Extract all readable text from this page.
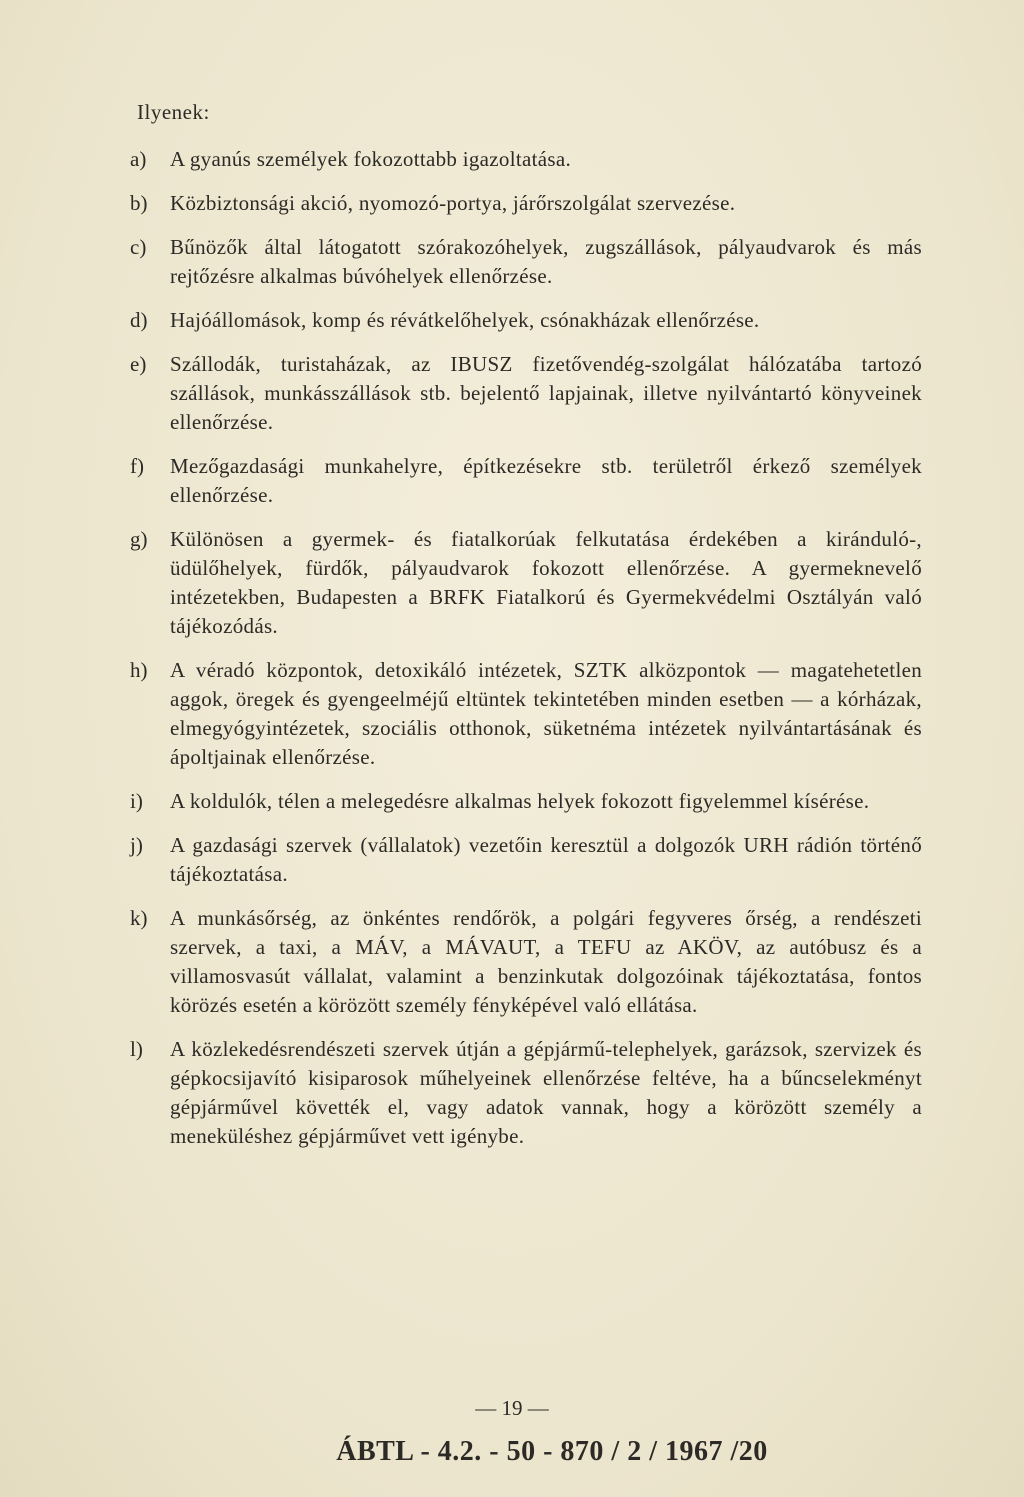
Ilyenek:
a)	A gyanús személyek fokozottabb igazoltatása.
b)	Közbiztonsági akció, nyomozó-portya, járőrszolgálat szervezése.
c)	Bűnözők által látogatott szórakozóhelyek, zugszállások, pályaudvarok és más rejtőzésre alkalmas búvóhelyek ellenőrzése.
d)	Hajóállomások, komp és révátkelőhelyek, csónakházak ellenőrzése.
e)	Szállodák, turistaházak, az IBUSZ fizetővendég-szolgálat hálózatába tartozó szállások, munkásszállások stb. bejelentő lapjainak, illetve nyilvántartó könyveinek ellenőrzése.
f)	Mezőgazdasági munkahelyre, építkezésekre stb. területről érkező személyek ellenőrzése.
g)	Különösen a gyermek- és fiatalkorúak felkutatása érdekében a kiránduló-, üdülőhelyek, fürdők, pályaudvarok fokozott ellenőrzése. A gyermeknevelő intézetekben, Budapesten a BRFK Fiatalkorú és Gyermekvédelmi Osztályán való tájékozódás.
h)	A véradó központok, detoxikáló intézetek, SZTK alközpontok — magatehetetlen aggok, öregek és gyengeelméjű eltüntek tekintetében minden esetben — a kórházak, elmegyógyintézetek, szociális otthonok, süketnéma intézetek nyilvántartásának és ápoltjainak ellenőrzése.
i)	A koldulók, télen a melegedésre alkalmas helyek fokozott figyelemmel kísérése.
j)	A gazdasági szervek (vállalatok) vezetőin keresztül a dolgozók URH rádión történő tájékoztatása.
k)	A munkásőrség, az önkéntes rendőrök, a polgári fegyveres őrség, a rendészeti szervek, a taxi, a MÁV, a MÁVAUT, a TEFU az AKÖV, az autóbusz és a villamosvasút vállalat, valamint a benzinkutak dolgozóinak tájékoztatása, fontos körözés esetén a körözött személy fényképével való ellátása.
l)	A közlekedésrendészeti szervek útján a gépjármű-telephelyek, garázsok, szervizek és gépkocsijavító kisiparosok műhelyeinek ellenőrzése feltéve, ha a bűncselekményt gépjárművel követték el, vagy adatok vannak, hogy a körözött személy a meneküléshez gépjárművet vett igénybe.
— 19 —
ÁBTL - 4.2. - 50 - 870 / 2 / 1967 /20
